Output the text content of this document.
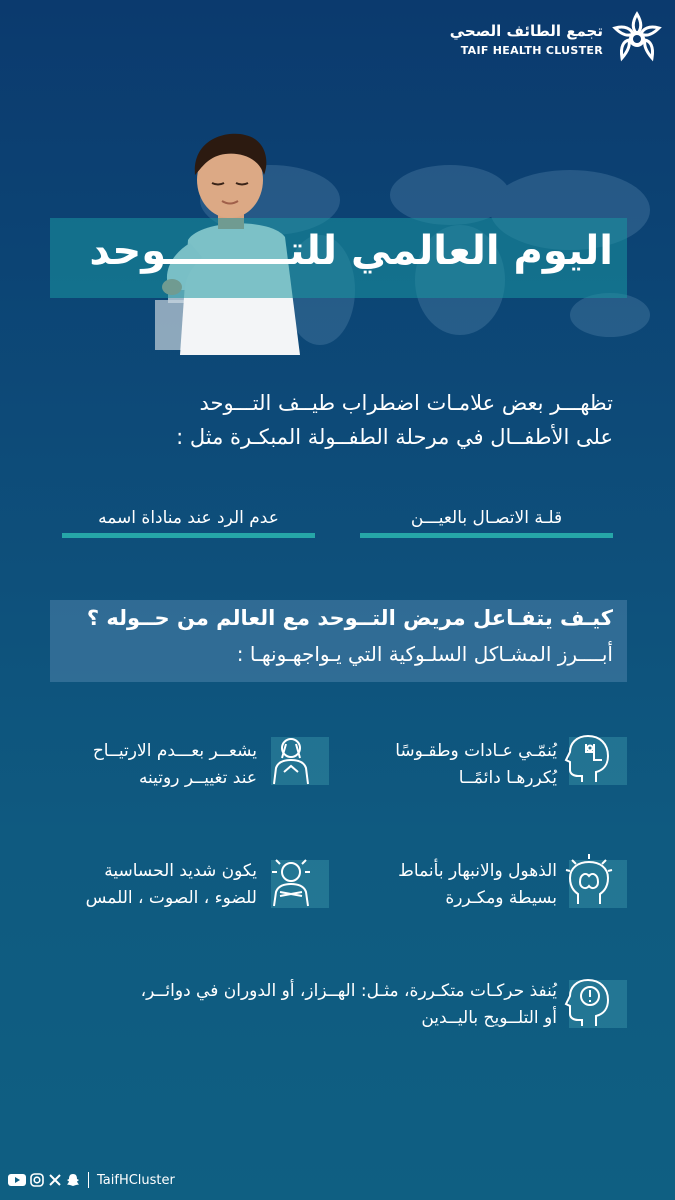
تجمع الطائف الصحي
TAIF HEALTH CLUSTER
اليوم العالمي للتـــــــــوحد
تظهـــر بعض علامـات اضطراب طيــف التـــوحد
على الأطفــال في مرحلة الطفــولة المبكـرة مثل :
قلـة الاتصـال بالعيـــن
عدم الرد عند مناداة اسمه
كيـف يتفـاعل مريض التــوحد مع العالم من حــوله ؟
أبــــرز المشـاكل السلـوكية التي يـواجهـونهـا :
يُنمّـي عـادات وطقـوسًا
يُكررهـا دائمًــا
يشعــر بعـــدم الارتيــاح
عند تغييــر روتينه
الذهول والانبهار بأنماط
بسيطة ومكـررة
يكون شديد الحساسية
للضوء ، الصوت ، اللمس
يُنفذ حركـات متكـررة، مثـل: الهــزاز، أو الدوران في دوائــر،
أو التلــويح باليــدين
TaifHCluster
